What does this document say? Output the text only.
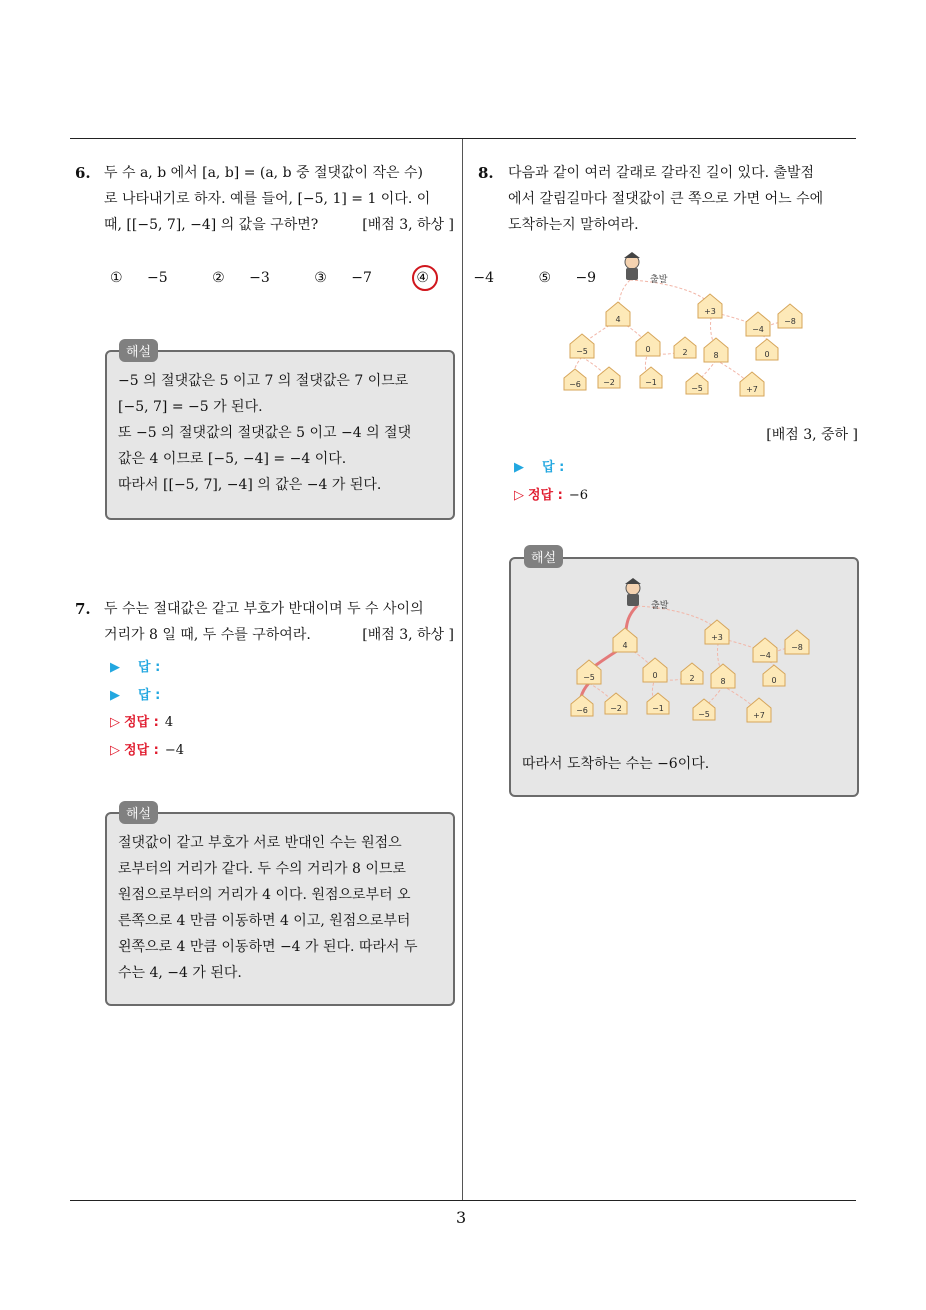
6. 두 수 a, b 에서 [a, b] = (a, b 중 절댓값이 작은 수)
로 나타내기로 하자. 예를 들어, [−5, 1] = 1 이다. 이
때, [[−5, 7], −4] 의 값을 구하면?	[배점 3, 하상 ]
① −5	② −3	③ −7	④	−4	⑤ −9
해설
−5 의 절댓값은 5 이고 7 의 절댓값은 7 이므로
[−5, 7] = −5 가 된다.
또 −5 의 절댓값의 절댓값은 5 이고 −4 의 절댓
값은 4 이므로 [−5, −4] = −4 이다.
따라서 [[−5, 7], −4] 의 값은 −4 가 된다.
7. 두 수는 절대값은 같고 부호가 반대이며 두 수 사이의
거리가 8 일 때, 두 수를 구하여라.	[배점 3, 하상 ]
▶ 답 :
▶ 답 :
▷ 정답 : 4
▷ 정답 : −4
해설
절댓값이 같고 부호가 서로 반대인 수는 원점으
로부터의 거리가 같다. 두 수의 거리가 8 이므로
원점으로부터의 거리가 4 이다. 원점으로부터 오
른쪽으로 4 만큼 이동하면 4 이고, 원점으로부터
왼쪽으로 4 만큼 이동하면 −4 가 된다. 따라서 두
수는 4, −4 가 된다.
8. 다음과 같이 여러 갈래로 갈라진 길이 있다. 출발점
에서 갈림길마다 절댓값이 큰 쪽으로 가면 어느 수에
도착하는지 말하여라.
4
+3
−4
−8
−5	0	2	8	0
−6	−2	−1
−5	+7
출발
[배점 3, 중하 ]
▶ 답 :
▷ 정답 : −6
해설
4
+3
−4
−8
−5	0	2	8	0
−6	−2	−1
−5	+7
출발
따라서 도착하는 수는 −6이다.
3
